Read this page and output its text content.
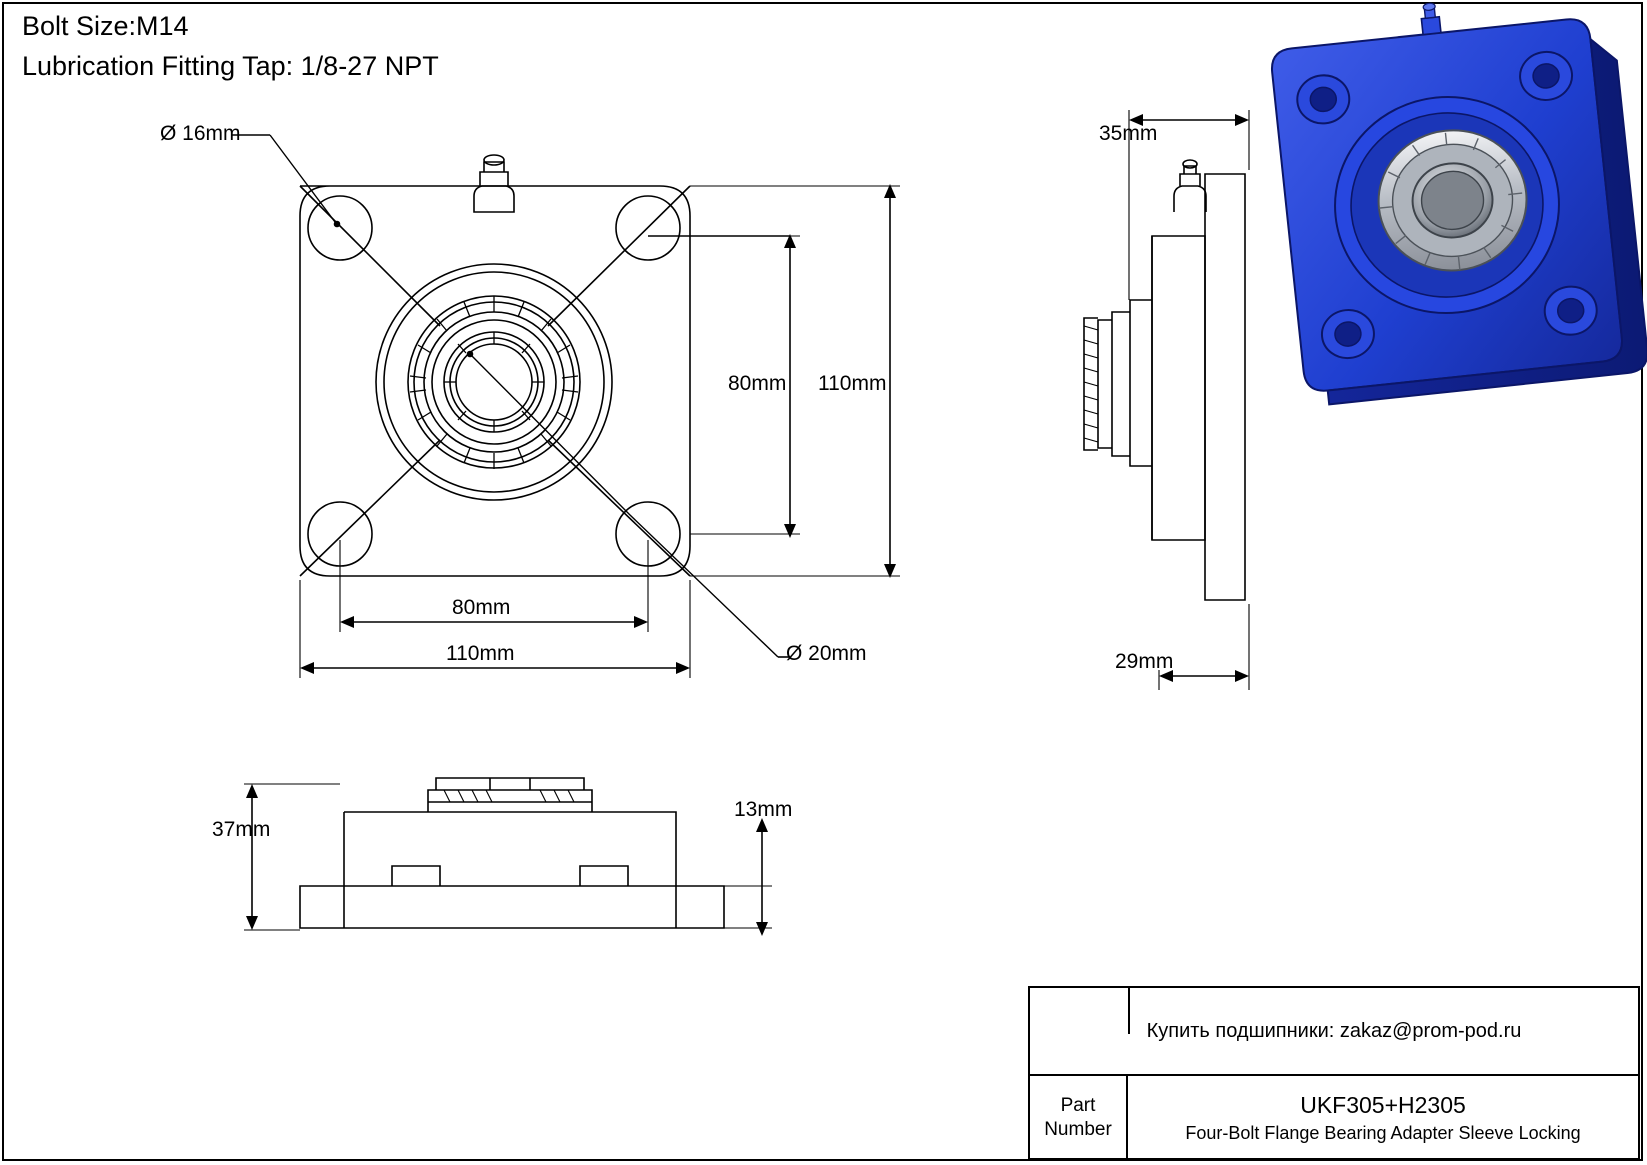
Bolt Size:M14
Lubrication Fitting Tap: 1/8-27 NPT
Ø 16mm
Ø 20mm
80mm 110mm
80mm
110mm
35mm
29mm
37mm
13mm
Купить подшипники: zakaz@prom-pod.ru
Part
Number
UKF305+H2305
Four-Bolt Flange Bearing Adapter Sleeve Locking
